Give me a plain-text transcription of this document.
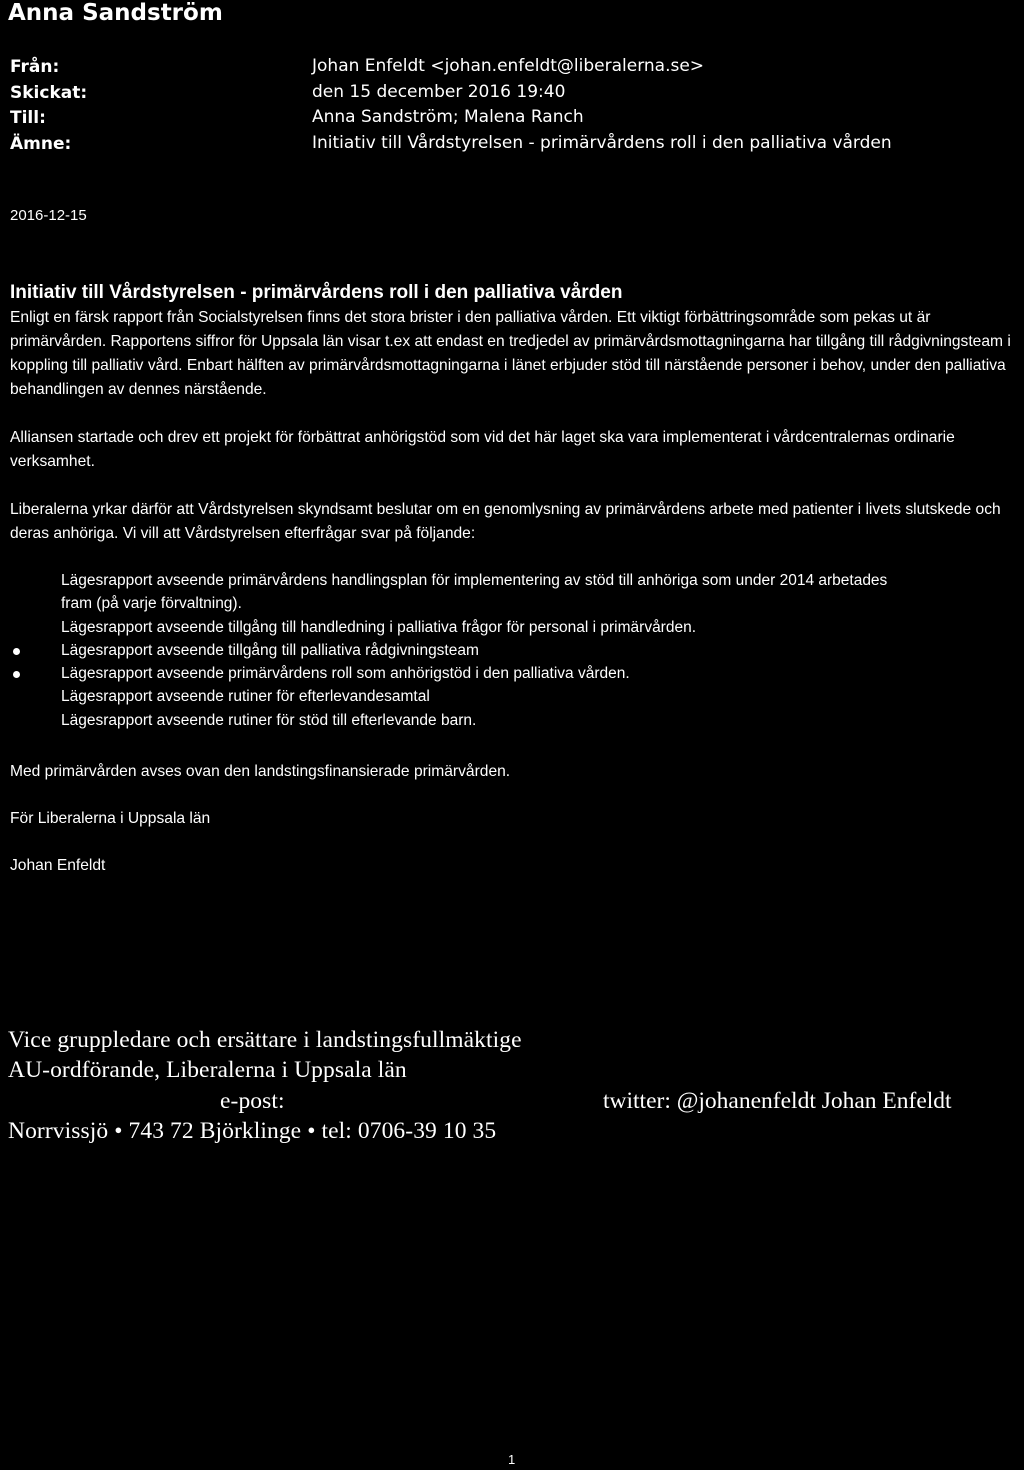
Anna Sandström
Från:	Johan Enfeldt <johan.enfeldt@liberalerna.se>
Skickat:	den 15 december 2016 19:40
Till:	Anna Sandström; Malena Ranch
Ämne:	Initiativ till Vårdstyrelsen - primärvårdens roll i den palliativa vården
2016-12-15
Initiativ till Vårdstyrelsen - primärvårdens roll i den palliativa vården

Enligt en färsk rapport från Socialstyrelsen finns det stora brister i den palliativa vården. Ett viktigt förbättringsområde som pekas ut är primärvården. Rapportens siffror för Uppsala län visar t.ex att endast en tredjedel av primärvårdsmottagningarna har tillgång till rådgivningsteam i koppling till palliativ vård. Enbart hälften av primärvårdsmottagningarna i länet erbjuder stöd till närstående personer i behov, under den palliativa behandlingen av dennes närstående.

Alliansen startade och drev ett projekt för förbättrat anhörigstöd som vid det här laget ska vara implementerat i vårdcentralernas ordinarie verksamhet.

Liberalerna yrkar därför att Vårdstyrelsen skyndsamt beslutar om en genomlysning av primärvårdens arbete med patienter i livets slutskede och deras anhöriga. Vi vill att Vårdstyrelsen efterfrågar svar på följande:

Lägesrapport avseende primärvårdens handlingsplan för implementering av stöd till anhöriga som under 2014 arbetades
fram (på varje förvaltning).
Lägesrapport avseende tillgång till handledning i palliativa frågor för personal i primärvården.
Lägesrapport avseende tillgång till palliativa rådgivningsteam
Lägesrapport avseende primärvårdens roll som anhörigstöd i den palliativa vården.
Lägesrapport avseende rutiner för efterlevandesamtal
Lägesrapport avseende rutiner för stöd till efterlevande barn.
Med primärvården avses ovan den landstingsfinansierade primärvården.
För Liberalerna i Uppsala län
Johan Enfeldt
Vice gruppledare och ersättare i landstingsfullmäktige
AU-ordförande, Liberalerna i Uppsala län
e-post:	twitter: @johanenfeldt Johan Enfeldt
Norrvissjö • 743 72 Björklinge • tel: 0706-39 10 35
1
